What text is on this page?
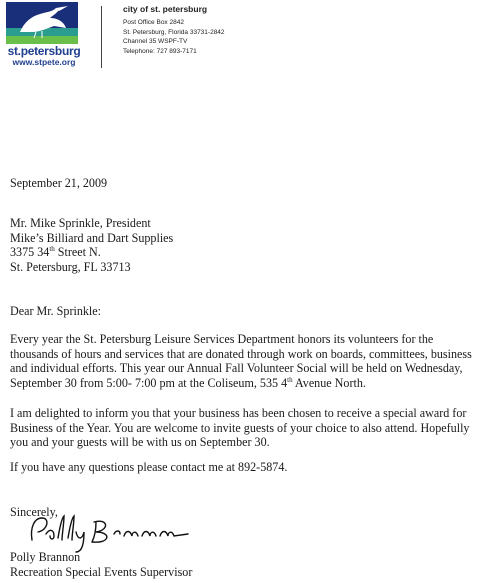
st.petersburg
www.stpete.org
city of st. petersburg
Post Office Box 2842
St. Petersburg, Florida 33731-2842
Channel 35 WSPF-TV
Telephone: 727 893-7171
September 21, 2009
Mr. Mike Sprinkle, President
Mike’s Billiard and Dart Supplies
3375 34th Street N.
St. Petersburg, FL 33713
Dear Mr. Sprinkle:
Every year the St. Petersburg Leisure Services Department honors its volunteers for the
thousands of hours and services that are donated through work on boards, committees, business
and individual efforts. This year our Annual Fall Volunteer Social will be held on Wednesday,
September 30 from 5:00- 7:00 pm at the Coliseum, 535 4th Avenue North.
I am delighted to inform you that your business has been chosen to receive a special award for
Business of the Year. You are welcome to invite guests of your choice to also attend. Hopefully
you and your guests will be with us on September 30.
If you have any questions please contact me at 892-5874.
Sincerely,
Polly Brannon
Recreation Special Events Supervisor
